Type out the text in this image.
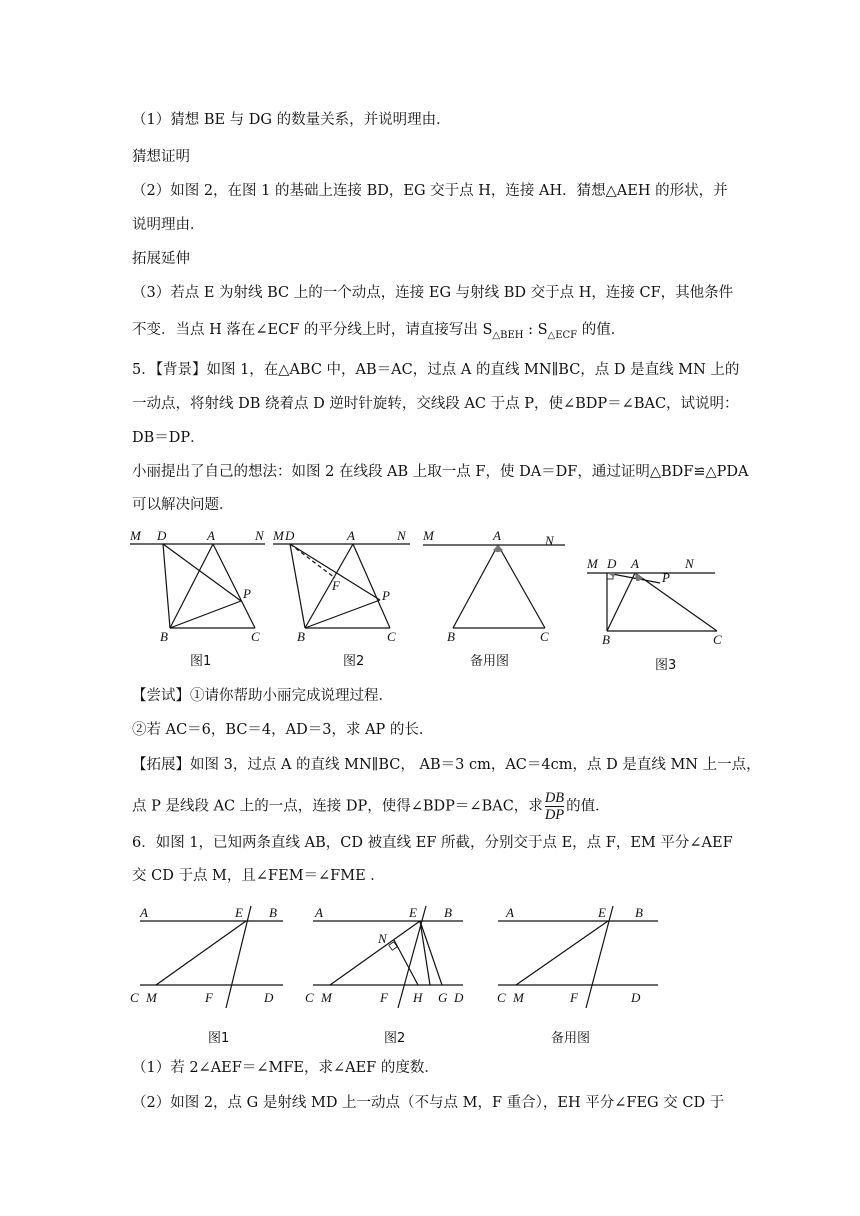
（1）猜想 BE 与 DG 的数量关系，并说明理由．
猜想证明
（2）如图 2，在图 1 的基础上连接 BD，EG 交于点 H，连接 AH．猜想△AEH 的形状，并
说明理由．
拓展延伸
（3）若点 E 为射线 BC 上的一个动点，连接 EG 与射线 BD 交于点 H，连接 CF，其他条件
不变．当点 H 落在∠ECF 的平分线上时，请直接写出 $S_{\triangle BEH}$ : $S_{\triangle ECF}$ 的值．
5．【背景】如图 1，在△ABC 中，AB＝AC，过点 A 的直线 MN∥BC，点 D 是直线 MN 上的
一动点，将射线 DB 绕着点 D 逆时针旋转，交线段 AC 于点 P，使∠BDP＝∠BAC，试说明：
DB＝DP．
小丽提出了自己的想法：如图 2 在线段 AB 上取一点 F，使 DA＝DF，通过证明△BDF≌△PDA
可以解决问题．
M D	A	N
P
B	C
M D	A	N
F
P
B	C
M	A	N
B	C
M D A	N
P
B	C
图1	图2	备用图	图3
【尝试】①请你帮助小丽完成说理过程．
②若 AC＝6，BC＝4，AD＝3，求 AP 的长．
【拓展】如图 3，过点 A 的直线 MN∥BC， AB＝3 cm，AC＝4cm，点 D 是直线 MN 上一点，
点 P 是线段 AC 上的一点，连接 DP，使得∠BDP＝∠BAC，求 $\frac{DB}{DP}$ 的值．
6．如图 1，已知两条直线 AB，CD 被直线 EF 所截，分别交于点 E，点 F，EM 平分∠AEF
交 CD 于点 M，且∠FEM＝∠FME ．
A	E B
C M	F	D
A	E B
N
C M	F H G D
A	E B
C M	F	D
图1	图2	备用图
（1）若 2∠AEF＝∠MFE，求∠AEF 的度数．
（2）如图 2，点 G 是射线 MD 上一动点（不与点 M，F 重合），EH 平分∠FEG 交 CD 于
